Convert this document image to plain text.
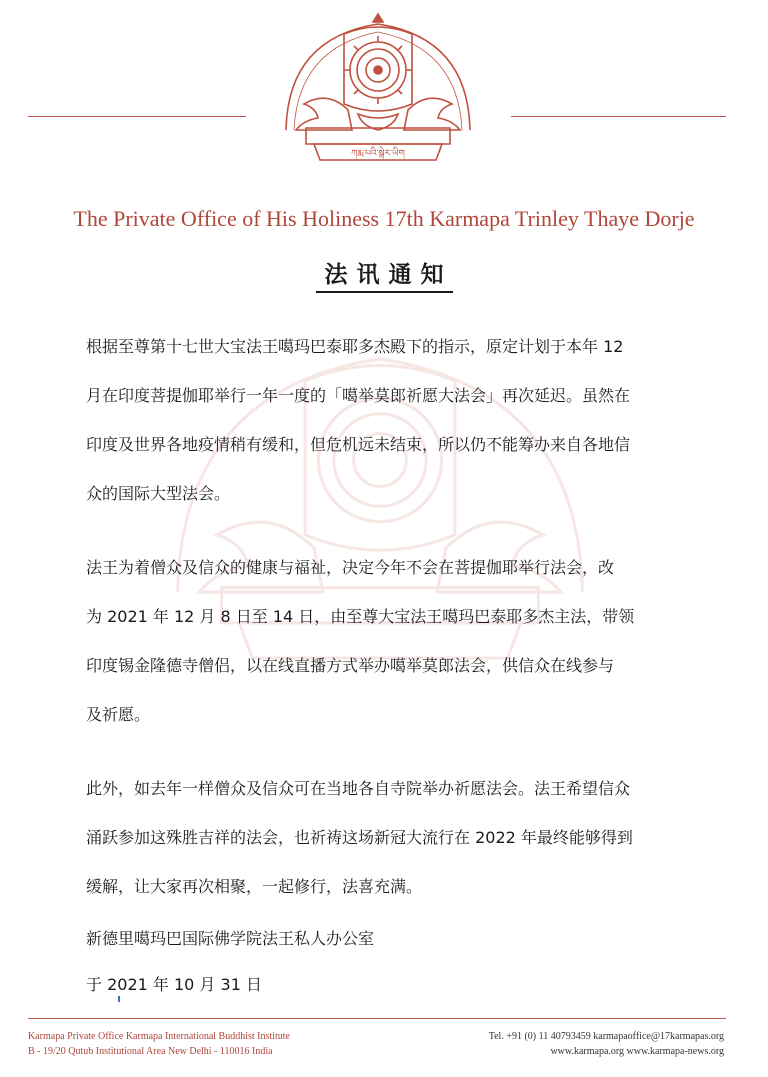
ཀརྨ་པའི་སྒེར་ཡིག
The Private Office of His Holiness 17th Karmapa Trinley Thaye Dorje
法讯通知
根据至尊第十七世大宝法王噶玛巴泰耶多杰殿下的指示，原定计划于本年 12
月在印度菩提伽耶举行一年一度的「噶举莫郎祈愿大法会」再次延迟。虽然在
印度及世界各地疫情稍有缓和，但危机远未结束，所以仍不能筹办来自各地信
众的国际大型法会。
法王为着僧众及信众的健康与福祉，决定今年不会在菩提伽耶举行法会，改
为 2021 年 12 月 8 日至 14 日，由至尊大宝法王噶玛巴泰耶多杰主法，带领
印度锡金隆德寺僧侣，以在线直播方式举办噶举莫郎法会，供信众在线参与
及祈愿。
此外，如去年一样僧众及信众可在当地各自寺院举办祈愿法会。法王希望信众
涌跃参加这殊胜吉祥的法会，也祈祷这场新冠大流行在 2022 年最终能够得到
缓解，让大家再次相聚，一起修行，法喜充满。
新德里噶玛巴国际佛学院法王私人办公室
于 2021 年 10 月 31 日
Karmapa Private Office Karmapa International Buddhist Institute
B - 19/20 Qutub Institutional Area New Delhi - 110016 India
Tel. +91 (0) 11 40793459 karmapaoffice@17karmapas.org
www.karmapa.org www.karmapa-news.org
